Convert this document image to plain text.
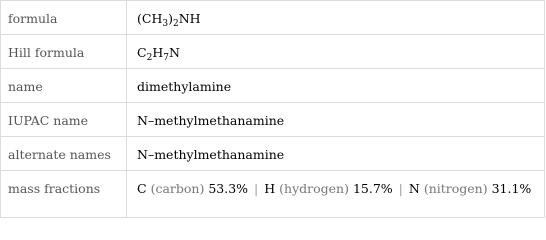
formula	$(CH_3)_2NH$

Hill formula	$C_2H_7N$

name	dimethylamine

IUPAC name	N–methylmethanamine

alternate names	N–methylmethanamine

mass fractions	C (carbon) 53.3% | H (hydrogen) 15.7% | N (nitrogen) 31.1%
